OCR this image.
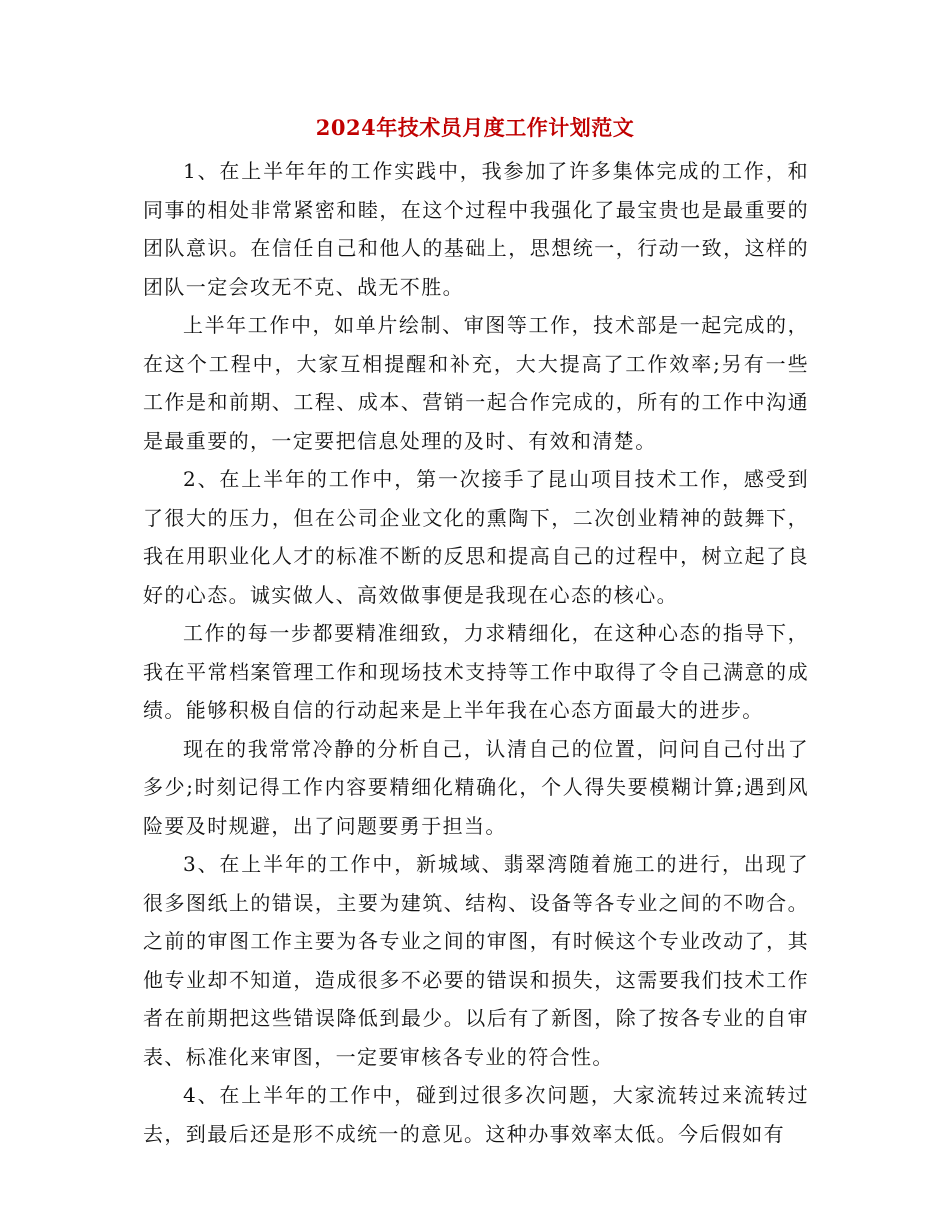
2024年技术员月度工作计划范文

1、在上半年年的工作实践中，我参加了许多集体完成的工作，和同事的相处非常紧密和睦，在这个过程中我强化了最宝贵也是最重要的团队意识。在信任自己和他人的基础上，思想统一，行动一致，这样的团队一定会攻无不克、战无不胜。

上半年工作中，如单片绘制、审图等工作，技术部是一起完成的，在这个工程中，大家互相提醒和补充，大大提高了工作效率;另有一些工作是和前期、工程、成本、营销一起合作完成的，所有的工作中沟通是最重要的，一定要把信息处理的及时、有效和清楚。

2、在上半年的工作中，第一次接手了昆山项目技术工作，感受到了很大的压力，但在公司企业文化的熏陶下，二次创业精神的鼓舞下，我在用职业化人才的标准不断的反思和提高自己的过程中，树立起了良好的心态。诚实做人、高效做事便是我现在心态的核心。

工作的每一步都要精准细致，力求精细化，在这种心态的指导下，我在平常档案管理工作和现场技术支持等工作中取得了令自己满意的成绩。能够积极自信的行动起来是上半年我在心态方面最大的进步。

现在的我常常冷静的分析自己，认清自己的位置，问问自己付出了多少;时刻记得工作内容要精细化精确化，个人得失要模糊计算;遇到风险要及时规避，出了问题要勇于担当。

3、在上半年的工作中，新城域、翡翠湾随着施工的进行，出现了很多图纸上的错误，主要为建筑、结构、设备等各专业之间的不吻合。之前的审图工作主要为各专业之间的审图，有时候这个专业改动了，其他专业却不知道，造成很多不必要的错误和损失，这需要我们技术工作者在前期把这些错误降低到最少。以后有了新图，除了按各专业的自审表、标准化来审图，一定要审核各专业的符合性。

4、在上半年的工作中，碰到过很多次问题，大家流转过来流转过去，到最后还是形不成统一的意见。这种办事效率太低。今后假如有
